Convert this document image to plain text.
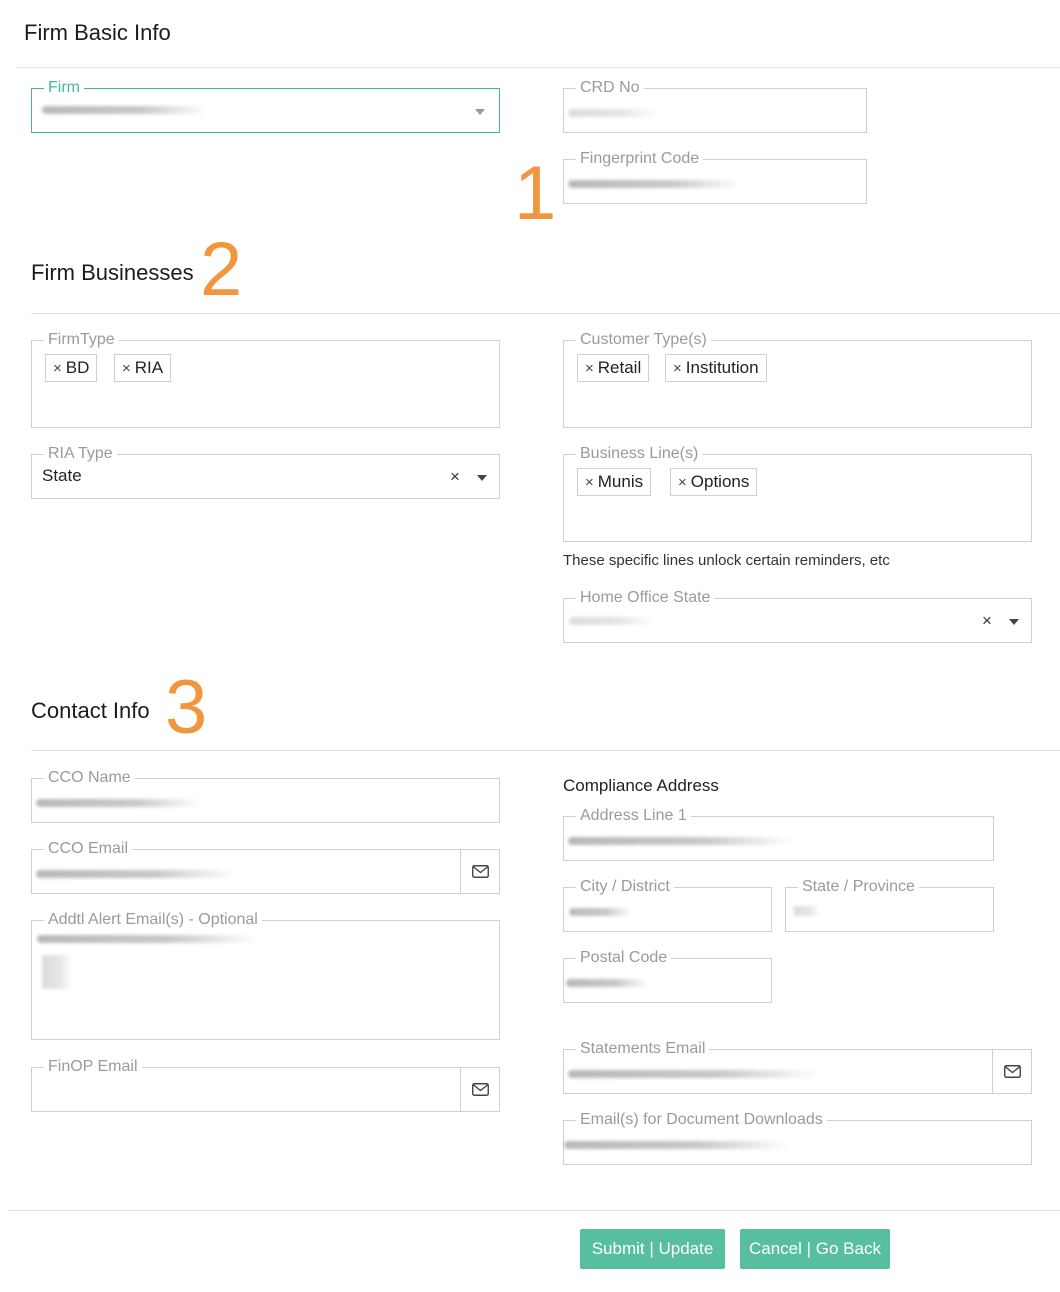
Firm Basic Info
Firm	CRD No
Fingerprint Code
1
Firm Businesses 2
FirmType
× BD	× RIA
Customer Type(s)
× Retail	× Institution
RIA Type
State	×
Business Line(s)
× Munis	× Options
These specific lines unlock certain reminders, etc
Home Office State
×
Contact Info 3
CCO Name
CCO Email
Addtl Alert Email(s) - Optional
FinOP Email
Compliance Address
Address Line 1
City / District	State / Province
Postal Code
Statements Email
Email(s) for Document Downloads
Submit | Update	Cancel | Go Back
